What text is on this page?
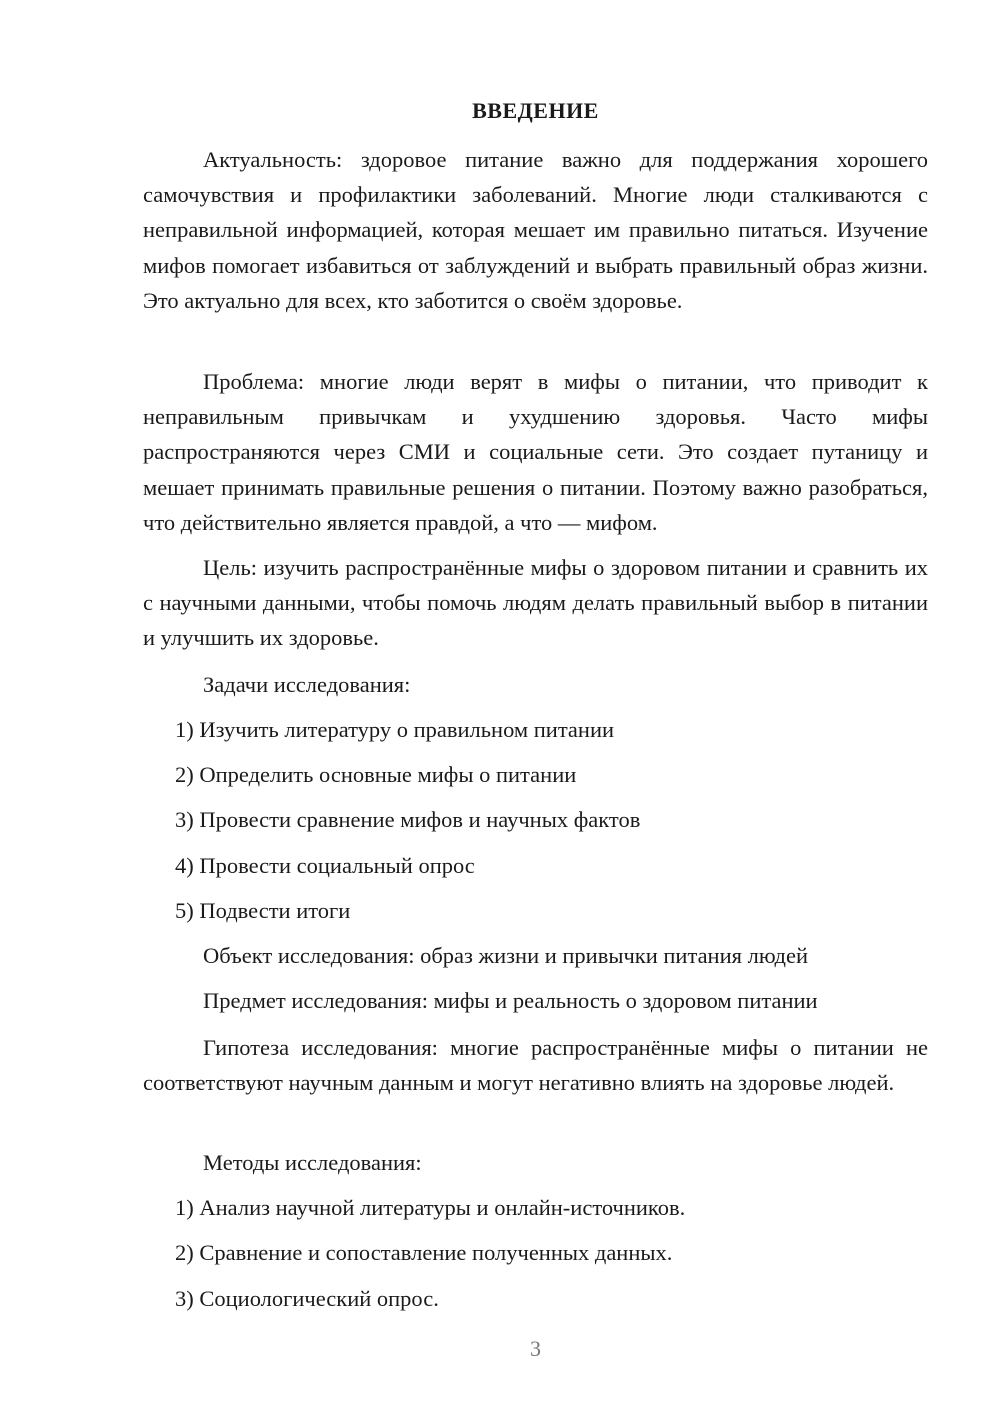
ВВЕДЕНИЕ

Актуальность: здоровое питание важно для поддержания хорошего самочувствия и профилактики заболеваний. Многие люди сталкиваются с неправильной информацией, которая мешает им правильно питаться. Изучение мифов помогает избавиться от заблуждений и выбрать правильный образ жизни. Это актуально для всех, кто заботится о своём здоровье.

Проблема: многие люди верят в мифы о питании, что приводит к неправильным привычкам и ухудшению здоровья. Часто мифы распространяются через СМИ и социальные сети. Это создает путаницу и мешает принимать правильные решения о питании. Поэтому важно разобраться, что действительно является правдой, а что — мифом.

Цель: изучить распространённые мифы о здоровом питании и сравнить их с научными данными, чтобы помочь людям делать правильный выбор в питании и улучшить их здоровье.

Задачи исследования:

1) Изучить литературу о правильном питании

2) Определить основные мифы о питании

3) Провести сравнение мифов и научных фактов

4) Провести социальный опрос

5) Подвести итоги

Объект исследования: образ жизни и привычки питания людей

Предмет исследования: мифы и реальность о здоровом питании

Гипотеза исследования: многие распространённые мифы о питании не соответствуют научным данным и могут негативно влиять на здоровье людей.

Методы исследования:

1) Анализ научной литературы и онлайн-источников.

2) Сравнение и сопоставление полученных данных.

3) Социологический опрос.

3
